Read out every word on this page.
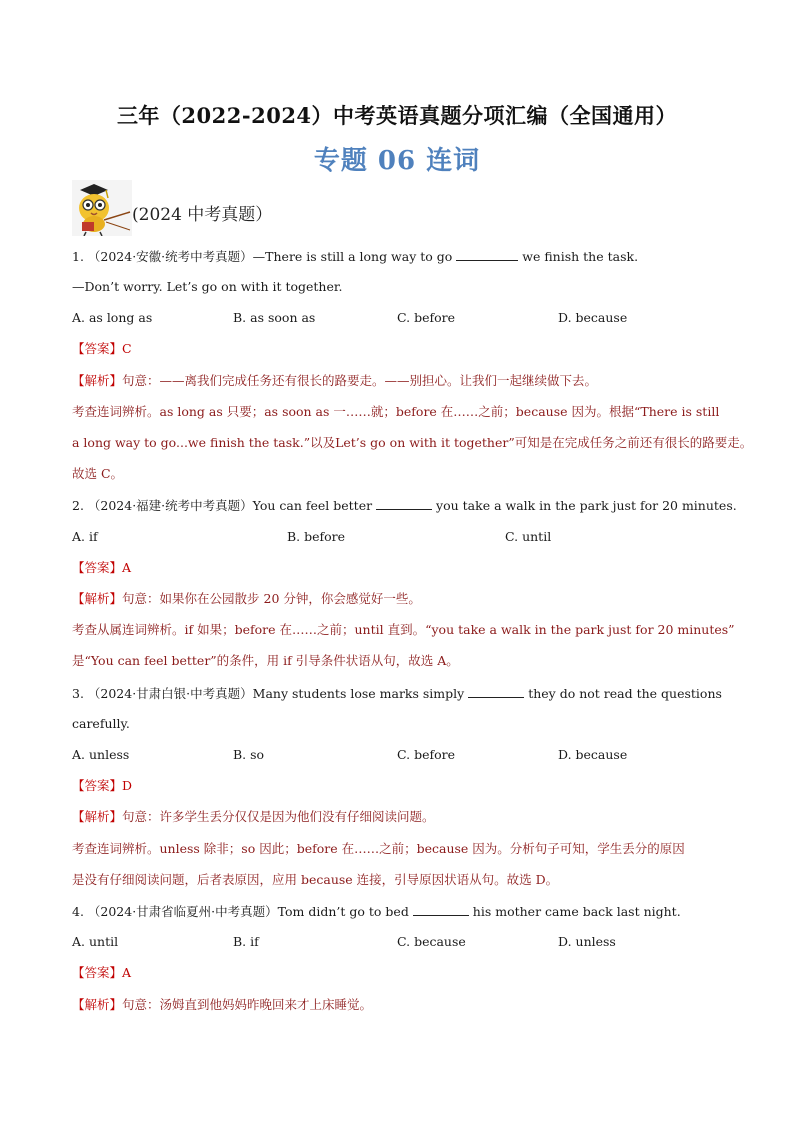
三年（2022-2024）中考英语真题分项汇编（全国通用）
专题 06 连词
(2024 中考真题）
1. （2024·安徽·统考中考真题）—There is still a long way to go	we finish the task.
—Don’t worry. Let’s go on with it together.
A. as long as	B. as soon as	C. before	D. because
【答案】C
【解析】句意：——离我们完成任务还有很长的路要走。——别担心。让我们一起继续做下去。
考查连词辨析。as long as 只要；as soon as 一……就；before 在……之前；because 因为。根据“There is still
a long way to go...we finish the task.”以及Let’s go on with it together”可知是在完成任务之前还有很长的路要走。
故选 C。
2. （2024·福建·统考中考真题）You can feel better	you take a walk in the park just for 20 minutes.
A. if	B. before	C. until
【答案】A
【解析】句意：如果你在公园散步 20 分钟，你会感觉好一些。
考查从属连词辨析。if 如果；before 在……之前；until 直到。“you take a walk in the park just for 20 minutes”
是“You can feel better”的条件，用 if 引导条件状语从句，故选 A。
3. （2024·甘肃白银·中考真题）Many students lose marks simply	they do not read the questions
carefully.
A. unless	B. so	C. before	D. because
【答案】D
【解析】句意：许多学生丢分仅仅是因为他们没有仔细阅读问题。
考查连词辨析。unless 除非；so 因此；before 在……之前；because 因为。分析句子可知，学生丢分的原因
是没有仔细阅读问题，后者表原因，应用 because 连接，引导原因状语从句。故选 D。
4. （2024·甘肃省临夏州·中考真题）Tom didn’t go to bed	his mother came back last night.
A. until	B. if	C. because	D. unless
【答案】A
【解析】句意：汤姆直到他妈妈昨晚回来才上床睡觉。
